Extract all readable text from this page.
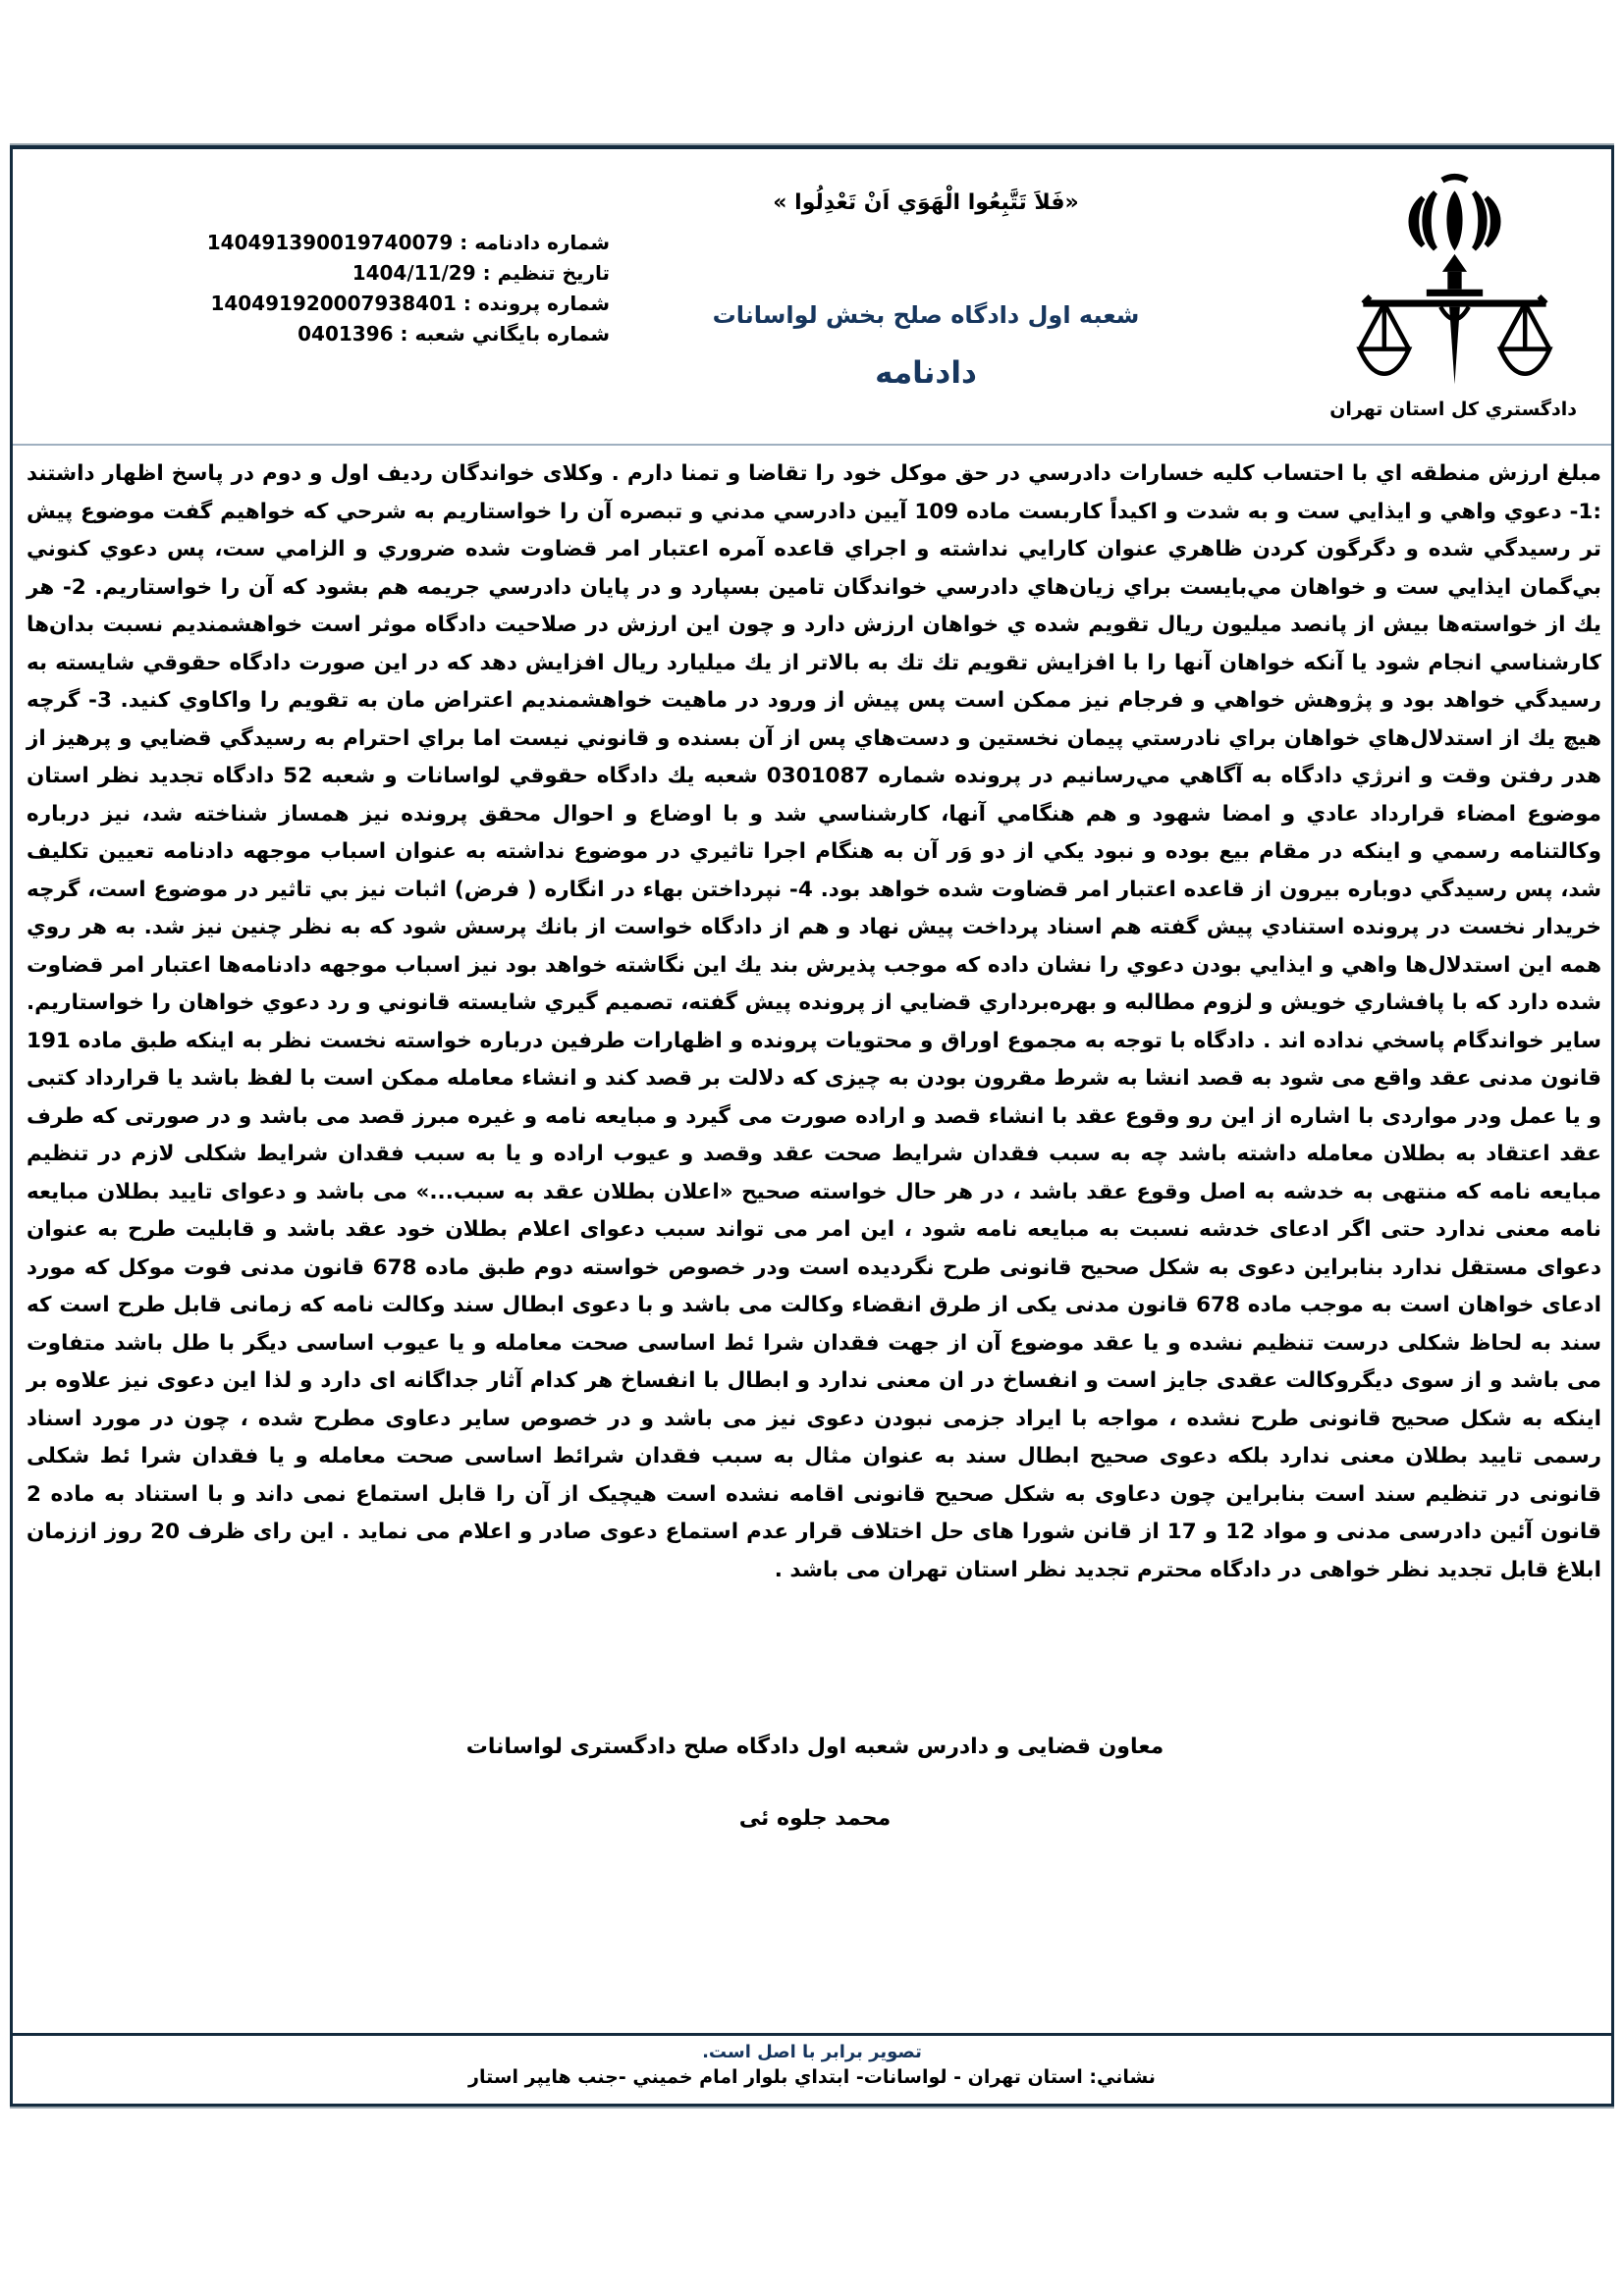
شماره دادنامه : 140491390019740079
تاريخ تنظيم : 1404/11/29
شماره پرونده : 140491920007938401
شماره بايگاني شعبه : 0401396
«فَلاَ تَتَّبِعُوا الْهَوَي اَنْ تَعْدِلُوا »
شعبه اول دادگاه صلح بخش لواسانات
دادنامه
دادگستري كل استان تهران
مبلغ ارزش منطقه اي با احتساب كليه خسارات دادرسي در حق موكل خود را تقاضا و تمنا دارم . وكلاى خواندگان رديف اول و دوم در پاسخ اظهار داشتند :1- دعوي واهي و ايذايي ست و به شدت و اكيداً كاربست ماده 109 آيين دادرسي مدني و تبصره آن را خواستاريم به شرحي كه خواهيم گفت موضوع پيش تر رسيدگي شده و دگرگون كردن ظاهري عنوان كارايي نداشته و اجراي قاعده آمره اعتبار امر قضاوت شده ضروري و الزامي ست، پس دعوي كنوني بي‌گمان ايذايي ست و خواهان مي‌بايست براي زيان‌هاي دادرسي خواندگان تامين بسپارد و در پايان دادرسي جريمه هم بشود كه آن را خواستاريم. 2- هر يك از خواسته‌ها بيش از پانصد ميليون ريال تقويم شده ي خواهان ارزش دارد و چون اين ارزش در صلاحيت دادگاه موثر است خواهشمنديم نسبت بدان‌ها كارشناسي انجام شود يا آنكه خواهان آنها را با افزايش تقويم تك تك به بالاتر از يك ميليارد ريال افزايش دهد كه در اين صورت دادگاه حقوقي شايسته به رسيدگي خواهد بود و پژوهش خواهي و فرجام نيز ممكن است پس پيش از ورود در ماهيت خواهشمنديم اعتراض مان به تقويم را واكاوي كنيد. 3- گرچه هيچ يك از استدلال‌هاي خواهان براي نادرستي پيمان نخستين و دست‌هاي پس از آن بسنده و قانوني نيست اما براي احترام به رسيدگي قضايي و پرهيز از هدر رفتن وقت و انرژي دادگاه به آگاهي مي‌رسانيم در پرونده شماره 0301087 شعبه يك دادگاه حقوقي لواسانات و شعبه 52 دادگاه تجديد نظر استان موضوع امضاء قرارداد عادي و امضا شهود و هم هنگامي آنها، كارشناسي شد و با اوضاع و احوال محقق پرونده نيز همساز شناخته شد، نيز درباره وكالتنامه رسمي و اينكه در مقام بيع بوده و نبود يكي از دو وَر آن به هنگام اجرا تاثيري در موضوع نداشته به عنوان اسباب موجهه دادنامه تعيين تكليف شد، پس رسيدگي دوباره بيرون از قاعده اعتبار امر قضاوت شده خواهد بود. 4- نپرداختن بهاء در انگاره ( فرض) اثبات نيز بي تاثير در موضوع است، گرچه خريدار نخست در پرونده استنادي پيش گفته هم اسناد پرداخت پيش نهاد و هم از دادگاه خواست از بانك پرسش شود كه به نظر چنين نيز شد. به هر روي همه اين استدلال‌ها واهي و ايذايي بودن دعوي را نشان داده كه موجب پذيرش بند يك اين نگاشته خواهد بود نيز اسباب موجهه دادنامه‌ها اعتبار امر قضاوت شده دارد كه با پافشاري خويش و لزوم مطالبه و بهره‌برداري قضايي از پرونده پيش گفته، تصميم گيري شايسته قانوني و رد دعوي خواهان را خواستاريم. ساير خواندگام پاسخي نداده اند . دادگاه با توجه به مجموع اوراق و محتويات پرونده و اظهارات طرفين درباره خواسته نخست نظر به اينكه طبق ماده 191 قانون مدنى عقد واقع مى شود به قصد انشا به شرط مقرون بودن به چيزى كه دلالت بر قصد كند و انشاء معامله ممكن است با لفظ باشد يا قرارداد كتبى و يا عمل ودر مواردى با اشاره از اين رو وقوع عقد با انشاء قصد و اراده صورت مى گيرد و مبايعه نامه و غيره مبرز قصد مى باشد و در صورتى كه طرف عقد اعتقاد به بطلان معامله داشته باشد چه به سبب فقدان شرايط صحت عقد وقصد و عيوب اراده و يا به سبب فقدان شرايط شكلى لازم در تنظيم مبايعه نامه كه منتهى به خدشه به اصل وقوع عقد باشد ، در هر حال خواسته صحيح «اعلان بطلان عقد به سبب...» مى باشد و دعواى تاييد بطلان مبايعه نامه معنى ندارد حتى اگر ادعاى خدشه نسبت به مبايعه نامه شود ، اين امر مى تواند سبب دعواى اعلام بطلان خود عقد باشد و قابليت طرح به عنوان دعوای مستقل ندارد بنابراين دعوى به شكل صحيح قانونى طرح نگرديده است ودر خصوص خواسته دوم طبق ماده 678 قانون مدنى فوت موكل كه مورد ادعاى خواهان است به موجب ماده 678 قانون مدنى يكى از طرق انقضاء وكالت مى باشد و با دعوى ابطال سند وكالت نامه كه زمانى قابل طرح است كه سند به لحاظ شكلى درست تنظيم نشده و يا عقد موضوع آن از جهت فقدان شرا ئط اساسى صحت معامله و يا عيوب اساسى ديگر با طل باشد متفاوت مى باشد و از سوى ديگروكالت عقدى جايز است و انفساخ در ان معنى ندارد و ابطال با انفساخ هر كدام آثار جداگانه اى دارد و لذا اين دعوى نيز علاوه بر اينكه به شكل صحيح قانونى طرح نشده ، مواجه با ايراد جزمى نبودن دعوى نيز مى باشد و در خصوص ساير دعاوى مطرح شده ، چون در مورد اسناد رسمى تاييد بطلان معنى ندارد بلكه دعوى صحيح ابطال سند به عنوان مثال به سبب فقدان شرائط اساسى صحت معامله و يا فقدان شرا ئط شكلى قانونى در تنظيم سند است بنابراين چون دعاوى به شكل صحيح قانونى اقامه نشده است هيچيک از آن را قابل استماع نمى داند و با استناد به ماده 2 قانون آئين دادرسى مدنى و مواد 12 و 17 از قانن شورا هاى حل اختلاف قرار عدم استماع دعوى صادر و اعلام مى نمايد . اين راى ظرف 20 روز اززمان ابلاغ قابل تجديد نظر خواهى در دادگاه محترم تجديد نظر استان تهران مى باشد .
معاون قضایی و دادرس شعبه اول دادگاه صلح دادگستری لواسانات
محمد جلوه ئی
تصوير برابر با اصل است.
نشاني: استان تهران - لواسانات- ابتداي بلوار امام خميني -جنب هايپر استار
